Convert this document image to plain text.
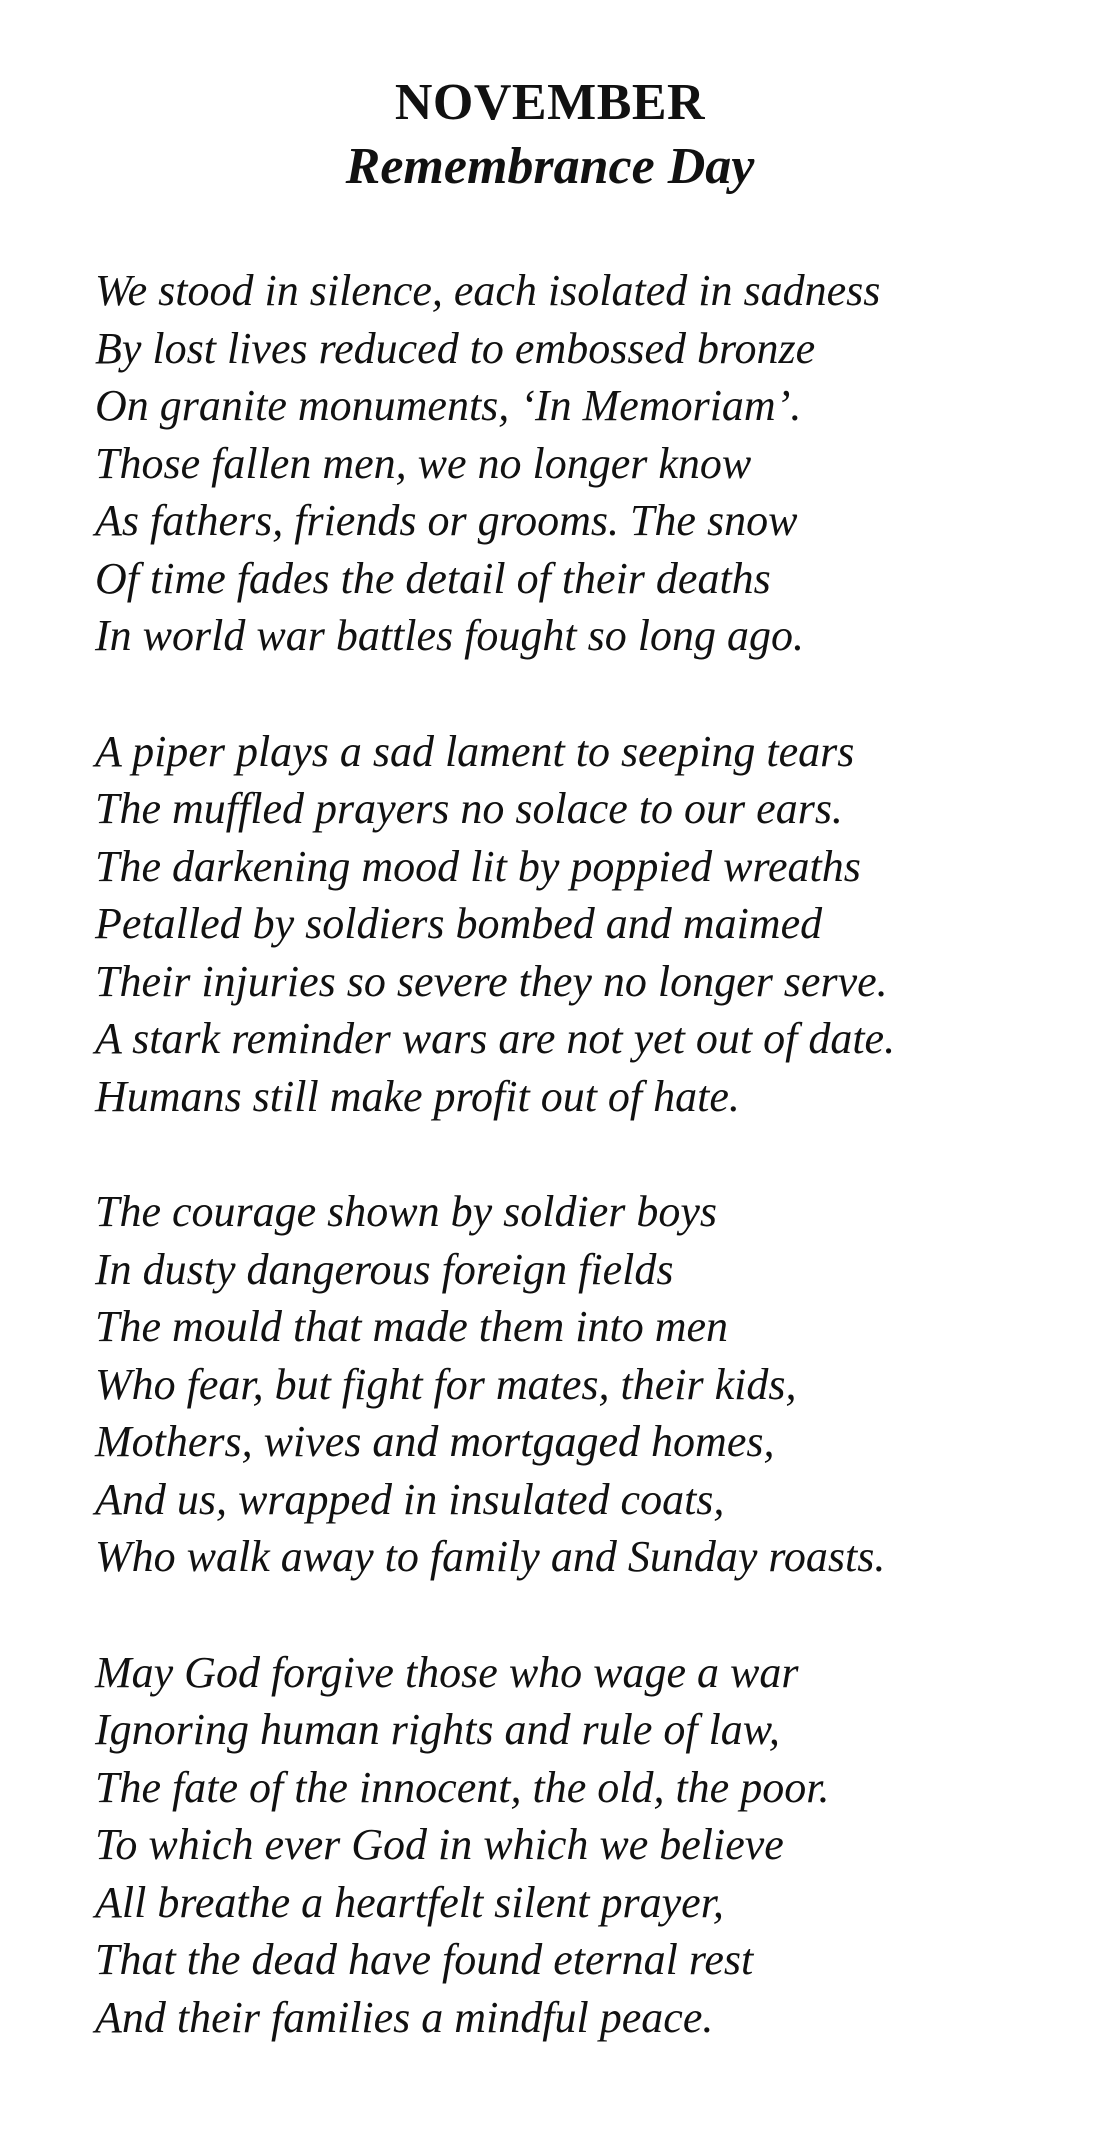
NOVEMBER
Remembrance Day
We stood in silence, each isolated in sadness
By lost lives reduced to embossed bronze
On granite monuments, ‘In Memoriam’.
Those fallen men, we no longer know
As fathers, friends or grooms. The snow
Of time fades the detail of their deaths
In world war battles fought so long ago.
A piper plays a sad lament to seeping tears
The muffled prayers no solace to our ears.
The darkening mood lit by poppied wreaths
Petalled by soldiers bombed and maimed
Their injuries so severe they no longer serve.
A stark reminder wars are not yet out of date.
Humans still make profit out of hate.
The courage shown by soldier boys
In dusty dangerous foreign fields
The mould that made them into men
Who fear, but fight for mates, their kids,
Mothers, wives and mortgaged homes,
And us, wrapped in insulated coats,
Who walk away to family and Sunday roasts.
May God forgive those who wage a war
Ignoring human rights and rule of law,
The fate of the innocent, the old, the poor.
To which ever God in which we believe
All breathe a heartfelt silent prayer,
That the dead have found eternal rest
And their families a mindful peace.
